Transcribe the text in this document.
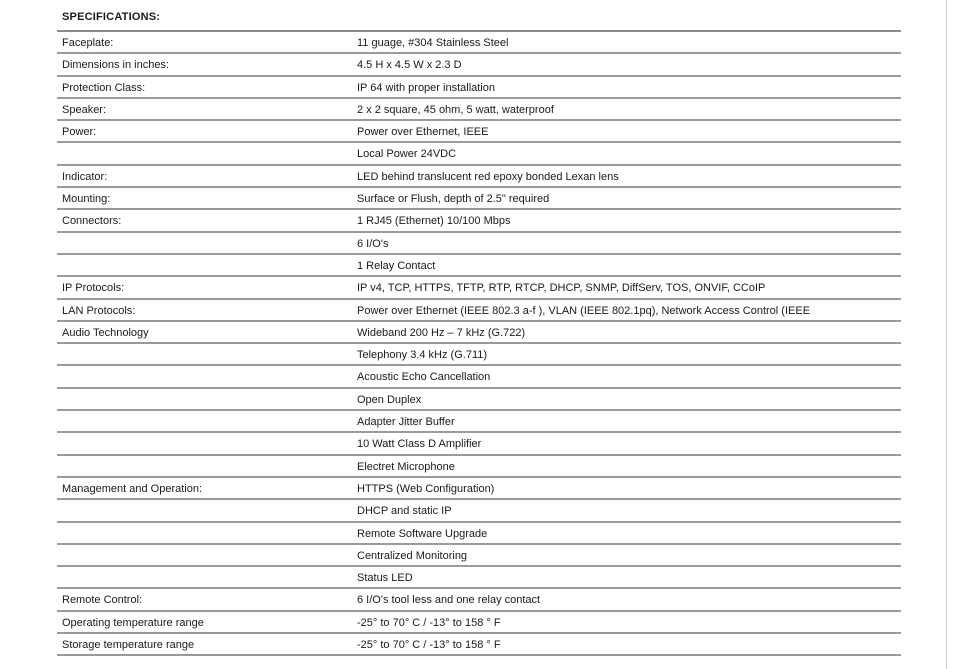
SPECIFICATIONS:
Faceplate:	11 guage, #304 Stainless Steel
Dimensions in inches:	4.5 H x 4.5 W x 2.3 D
Protection Class:	IP 64 with proper installation
Speaker:	2 x 2 square, 45 ohm, 5 watt, waterproof
Power:	Power over Ethernet, IEEE
Local Power 24VDC
Indicator:	LED behind translucent red epoxy bonded Lexan lens
Mounting:	Surface or Flush, depth of 2.5" required
Connectors:	1 RJ45 (Ethernet) 10/100 Mbps
6 I/O's
1 Relay Contact
IP Protocols:	IP v4, TCP, HTTPS, TFTP, RTP, RTCP, DHCP, SNMP, DiffServ, TOS, ONVIF, CCoIP
LAN Protocols:	Power over Ethernet (IEEE 802.3 a-f ), VLAN (IEEE 802.1pq), Network Access Control (IEEE
Audio Technology	Wideband 200 Hz – 7 kHz (G.722)
Telephony 3.4 kHz (G.711)
Acoustic Echo Cancellation
Open Duplex
Adapter Jitter Buffer
10 Watt Class D Amplifier
Electret Microphone
Management and Operation:	HTTPS (Web Configuration)
DHCP and static IP
Remote Software Upgrade
Centralized Monitoring
Status LED
Remote Control:	6 I/O's tool less and one relay contact
Operating temperature range	-25° to 70° C / -13° to 158 ° F
Storage temperature range	-25° to 70° C / -13° to 158 ° F
